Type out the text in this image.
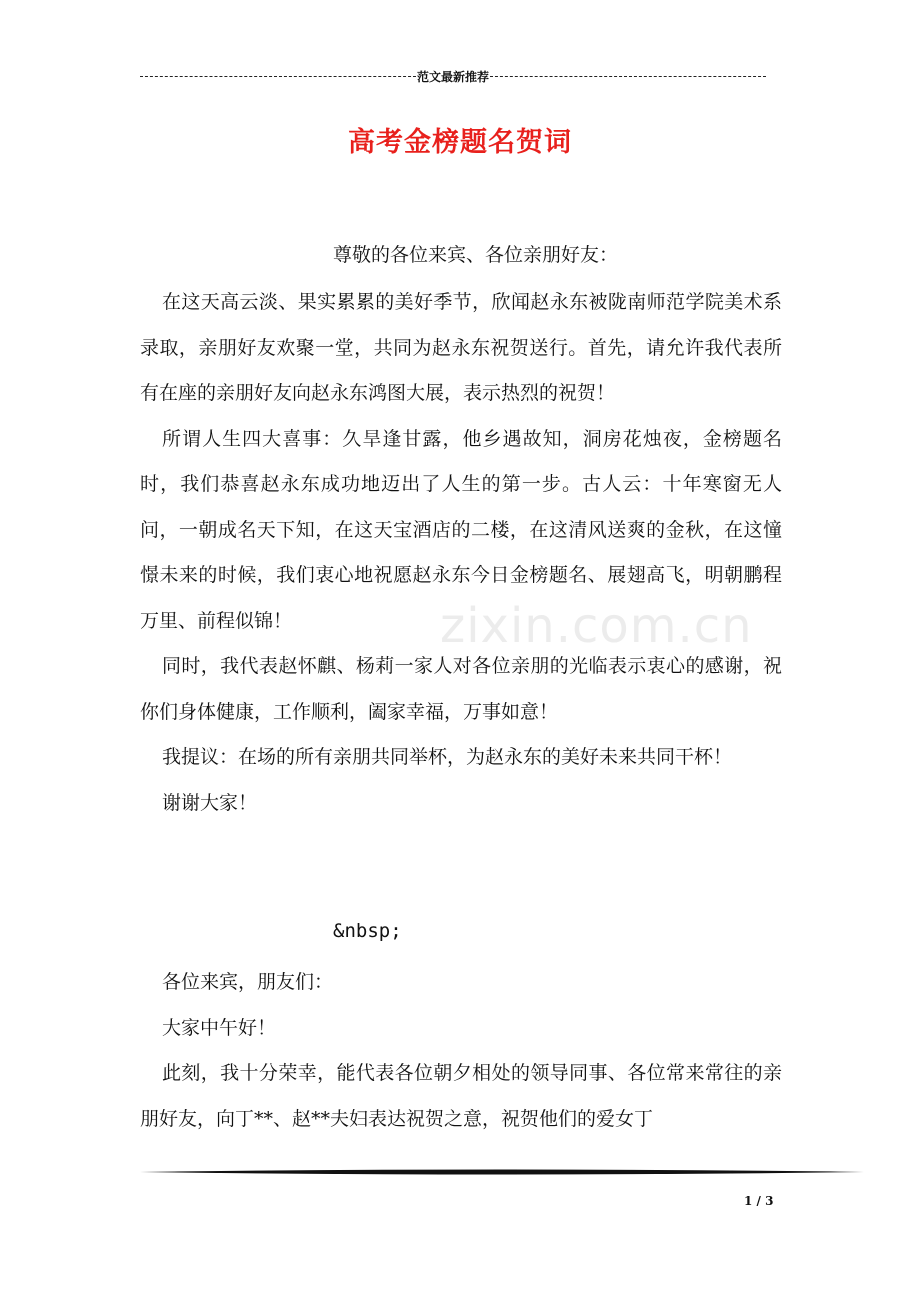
范文最新推荐
高考金榜题名贺词
尊敬的各位来宾、各位亲朋好友：

在这天高云淡、果实累累的美好季节，欣闻赵永东被陇南师范学院美术系录取，亲朋好友欢聚一堂，共同为赵永东祝贺送行。首先，请允许我代表所有在座的亲朋好友向赵永东鸿图大展，表示热烈的祝贺！

所谓人生四大喜事：久旱逢甘露，他乡遇故知，洞房花烛夜，金榜题名时，我们恭喜赵永东成功地迈出了人生的第一步。古人云：十年寒窗无人问，一朝成名天下知，在这天宝酒店的二楼，在这清风送爽的金秋，在这憧憬未来的时候，我们衷心地祝愿赵永东今日金榜题名、展翅高飞，明朝鹏程万里、前程似锦！

同时，我代表赵怀麒、杨莉一家人对各位亲朋的光临表示衷心的感谢，祝你们身体健康，工作顺利，阖家幸福，万事如意！

我提议：在场的所有亲朋共同举杯，为赵永东的美好未来共同干杯！

谢谢大家！

&nbsp;

各位来宾，朋友们：

大家中午好！

此刻，我十分荣幸，能代表各位朝夕相处的领导同事、各位常来常往的亲朋好友，向丁**、赵**夫妇表达祝贺之意，祝贺他们的爱女丁

zixin.com.cn
1 / 3
